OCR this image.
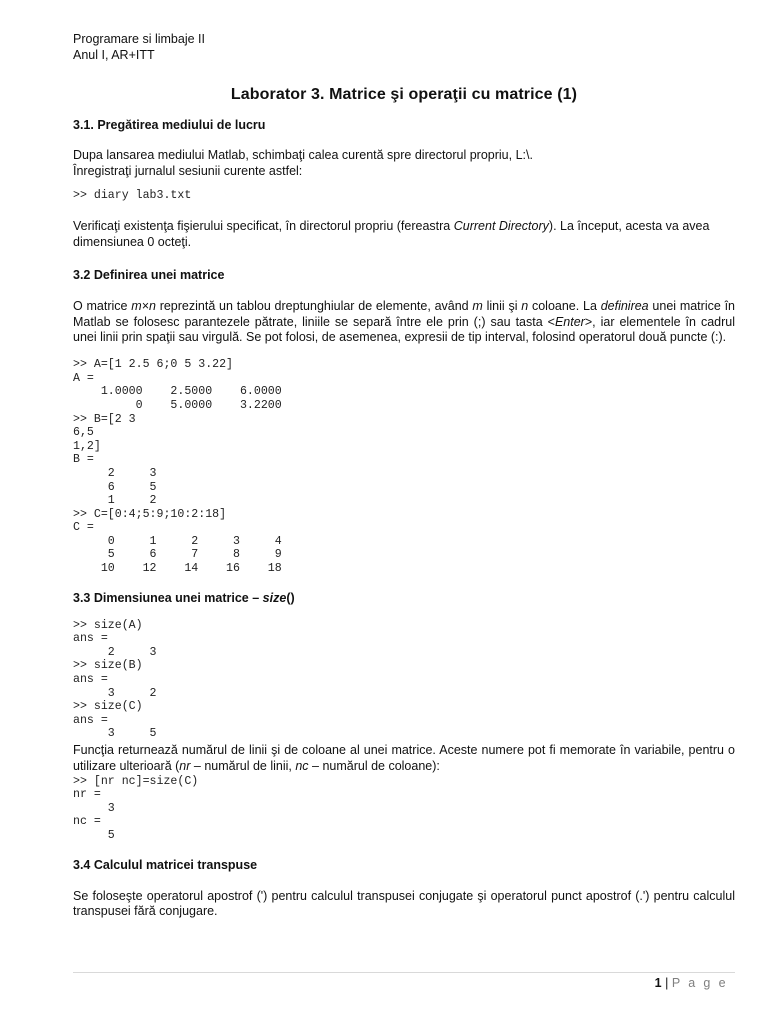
Programare si limbaje II
Anul I, AR+ITT
Laborator 3. Matrice şi operaţii cu matrice (1)
3.1. Pregătirea mediului de lucru

Dupa lansarea mediului Matlab, schimbaţi calea curentă spre directorul propriu, L:\.

Înregistraţi jurnalul sesiunii curente astfel:

>> diary lab3.txt

Verificaţi existenţa fişierului specificat, în directorul propriu (fereastra Current Directory). La început, acesta va avea dimensiunea 0 octeţi.

3.2 Definirea unei matrice

O matrice m×n reprezintă un tablou dreptunghiular de elemente, având m linii şi n coloane. La definirea unei matrice în Matlab se folosesc parantezele pătrate, liniile se separă între ele prin (;) sau tasta <Enter>, iar elementele în cadrul unei linii prin spaţii sau virgulă. Se pot folosi, de asemenea, expresii de tip interval, folosind operatorul două puncte (:).

>> A=[1 2.5 6;0 5 3.22]
A =
1.0000    2.5000    6.0000
0    5.0000    3.2200
>> B=[2 3
6,5
1,2]
B =
2     3
6     5
1     2
>> C=[0:4;5:9;10:2:18]
C =
0     1     2     3     4
5     6     7     8     9
10    12    14    16    18
3.3 Dimensiunea unei matrice – size()
>> size(A)
ans =
2     3
>> size(B)
ans =
3     2
>> size(C)
ans =
3     5

Funcţia returnează numărul de linii şi de coloane al unei matrice. Aceste numere pot fi memorate în variabile, pentru o utilizare ulterioară (nr – numărul de linii, nc – numărul de coloane):

>> [nr nc]=size(C)
nr =
3
nc =
5
3.4 Calculul matricei transpuse

Se foloseşte operatorul apostrof (') pentru calculul transpusei conjugate şi operatorul punct apostrof (.') pentru calculul transpusei fără conjugare.

1 | P a g e
